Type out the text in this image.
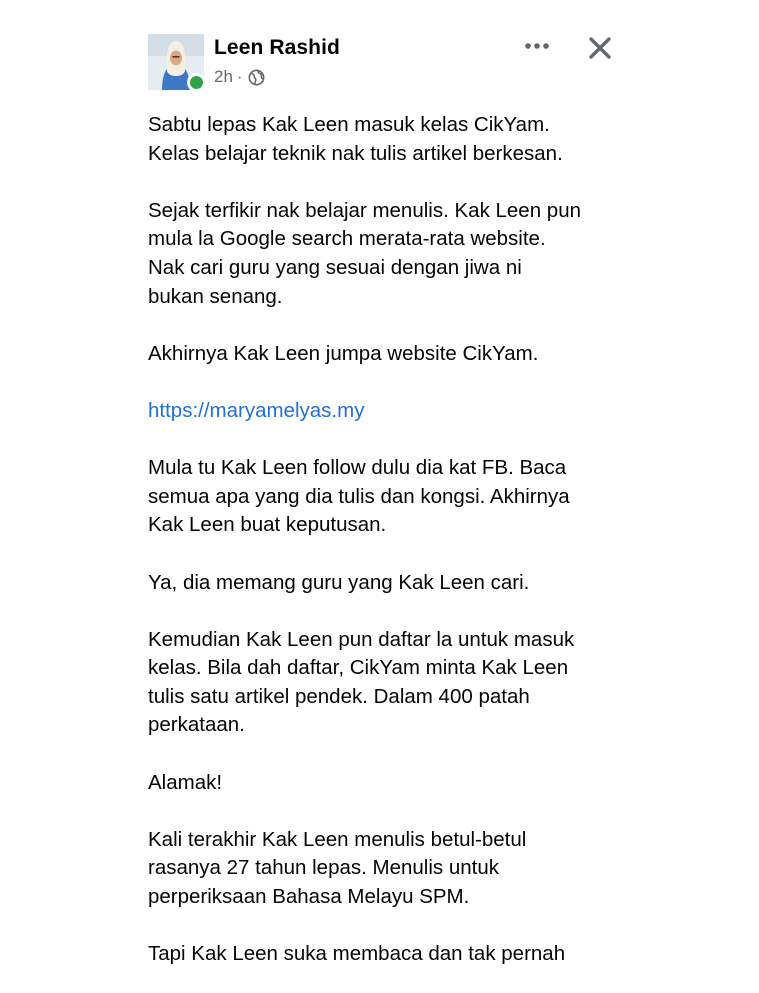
Leen Rashid
2h ·

Sabtu lepas Kak Leen masuk kelas CikYam.
Kelas belajar teknik nak tulis artikel berkesan.

Sejak terfikir nak belajar menulis. Kak Leen pun
mula la Google search merata-rata website.
Nak cari guru yang sesuai dengan jiwa ni
bukan senang.

Akhirnya Kak Leen jumpa website CikYam.

https://maryamelyas.my

Mula tu Kak Leen follow dulu dia kat FB. Baca
semua apa yang dia tulis dan kongsi. Akhirnya
Kak Leen buat keputusan.

Ya, dia memang guru yang Kak Leen cari.

Kemudian Kak Leen pun daftar la untuk masuk
kelas. Bila dah daftar, CikYam minta Kak Leen
tulis satu artikel pendek. Dalam 400 patah
perkataan.

Alamak!

Kali terakhir Kak Leen menulis betul-betul
rasanya 27 tahun lepas. Menulis untuk
perperiksaan Bahasa Melayu SPM.

Tapi Kak Leen suka membaca dan tak pernah
